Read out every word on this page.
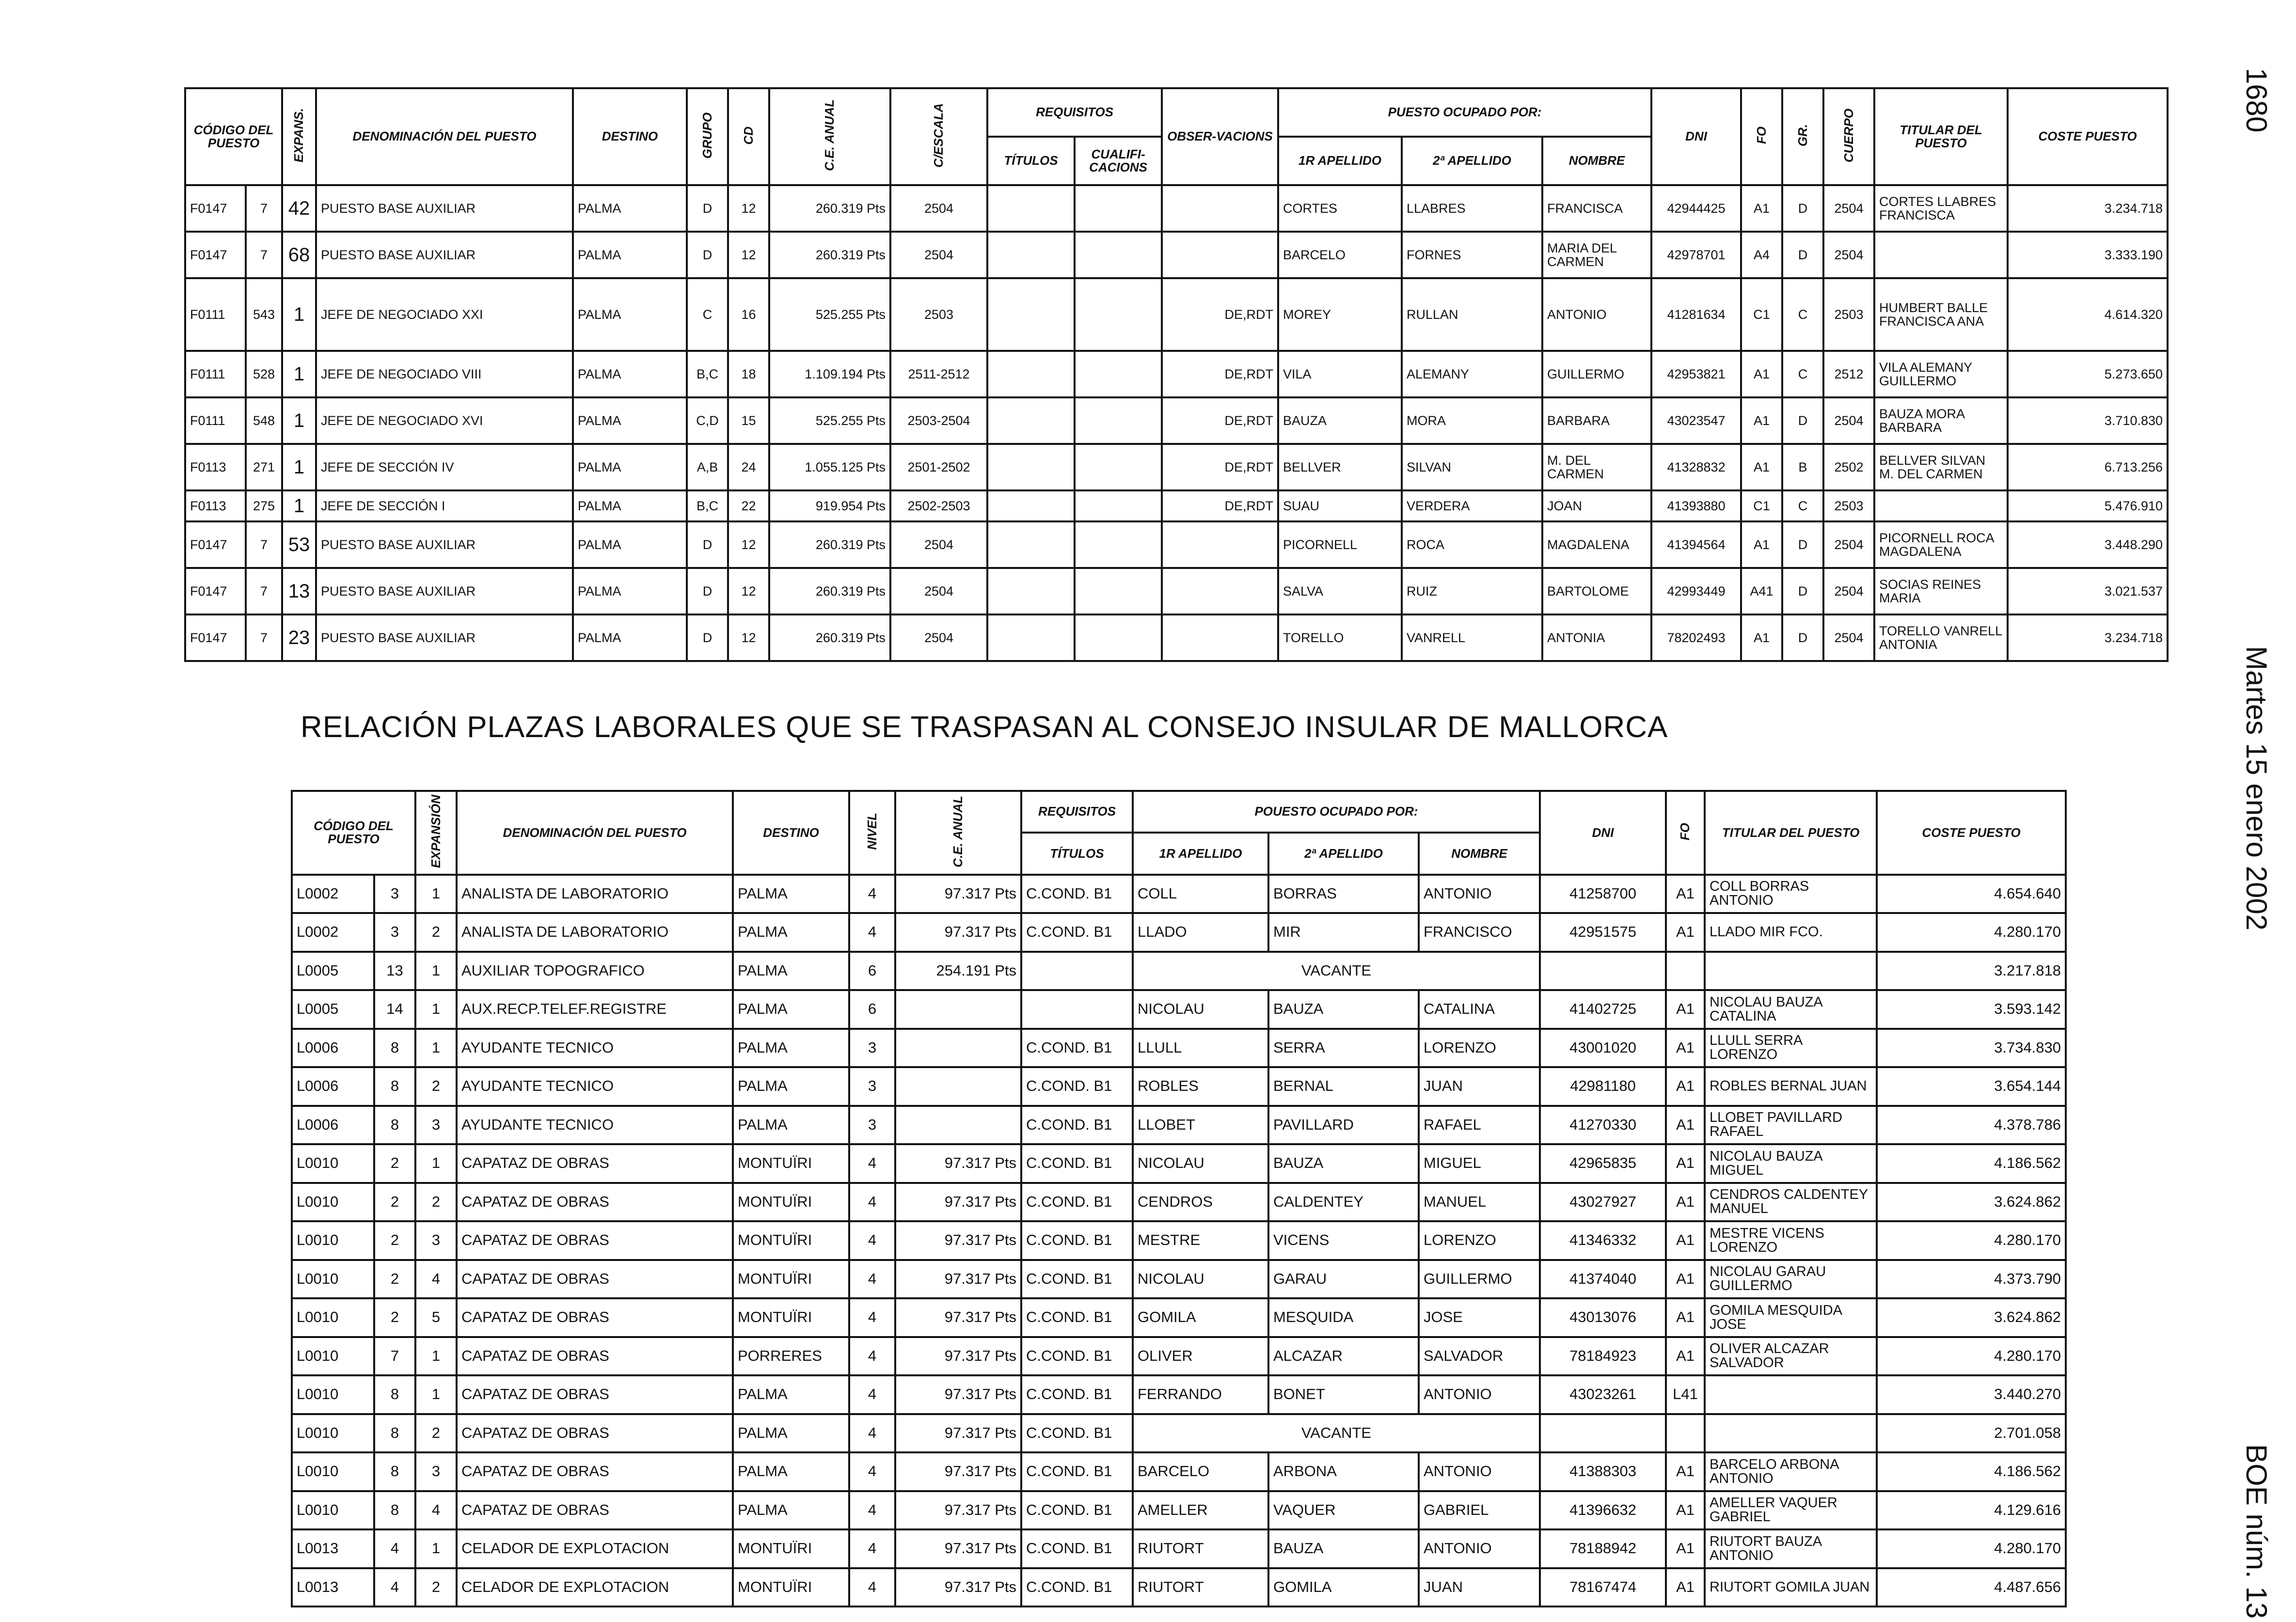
CÓDIGO DEL PUESTO		EXPANS.	DENOMINACIÓN DEL PUESTO	DESTINO	GRUPO	CD	C.E. ANUAL	C/ESCALA	REQUISITOS		OBSER-VACIONS	PUESTO OCUPADO POR:			DNI	FO	GR.	CUERPO	TITULAR DEL PUESTO	COSTE PUESTO
									TÍTULOS	CUALIFI-CACIONS		1R APELLIDO	2ª APELLIDO	NOMBRE						
F0147	7	42	PUESTO BASE AUXILIAR	PALMA	D	12	260.319 Pts	2504				CORTES	LLABRES	FRANCISCA	42944425	A1	D	2504	CORTES LLABRES FRANCISCA	3.234.718
F0147	7	68	PUESTO BASE AUXILIAR	PALMA	D	12	260.319 Pts	2504				BARCELO	FORNES	MARIA DEL CARMEN	42978701	A4	D	2504		3.333.190
F0111	543	1	JEFE DE NEGOCIADO XXI	PALMA	C	16	525.255 Pts	2503			DE,RDT	MOREY	RULLAN	ANTONIO	41281634	C1	C	2503	HUMBERT BALLE FRANCISCA ANA	4.614.320
F0111	528	1	JEFE DE NEGOCIADO VIII	PALMA	B,C	18	1.109.194 Pts	2511-2512			DE,RDT	VILA	ALEMANY	GUILLERMO	42953821	A1	C	2512	VILA ALEMANY GUILLERMO	5.273.650
F0111	548	1	JEFE DE NEGOCIADO XVI	PALMA	C,D	15	525.255 Pts	2503-2504			DE,RDT	BAUZA	MORA	BARBARA	43023547	A1	D	2504	BAUZA MORA BARBARA	3.710.830
F0113	271	1	JEFE DE SECCIÓN IV	PALMA	A,B	24	1.055.125 Pts	2501-2502			DE,RDT	BELLVER	SILVAN	M. DEL CARMEN	41328832	A1	B	2502	BELLVER SILVAN M. DEL CARMEN	6.713.256
F0113	275	1	JEFE DE SECCIÓN I	PALMA	B,C	22	919.954 Pts	2502-2503			DE,RDT	SUAU	VERDERA	JOAN	41393880	C1	C	2503		5.476.910
F0147	7	53	PUESTO BASE AUXILIAR	PALMA	D	12	260.319 Pts	2504				PICORNELL	ROCA	MAGDALENA	41394564	A1	D	2504	PICORNELL ROCA MAGDALENA	3.448.290
F0147	7	13	PUESTO BASE AUXILIAR	PALMA	D	12	260.319 Pts	2504				SALVA	RUIZ	BARTOLOME	42993449	A41	D	2504	SOCIAS REINES MARIA	3.021.537
F0147	7	23	PUESTO BASE AUXILIAR	PALMA	D	12	260.319 Pts	2504				TORELLO	VANRELL	ANTONIA	78202493	A1	D	2504	TORELLO VANRELL ANTONIA	3.234.718
RELACIÓN PLAZAS LABORALES QUE SE TRASPASAN AL CONSEJO INSULAR DE MALLORCA
CÓDIGO DEL PUESTO		EXPANSIÓN	DENOMINACIÓN DEL PUESTO	DESTINO	NIVEL	C.E. ANUAL	REQUISITOS	POUESTO OCUPADO POR:			DNI	FO	TITULAR DEL PUESTO	COSTE PUESTO
							TÍTULOS	1R APELLIDO	2ª APELLIDO	NOMBRE				
L0002	3	1	ANALISTA DE LABORATORIO	PALMA	4	97.317 Pts	C.COND. B1	COLL	BORRAS	ANTONIO	41258700	A1	COLL BORRAS ANTONIO	4.654.640
L0002	3	2	ANALISTA DE LABORATORIO	PALMA	4	97.317 Pts	C.COND. B1	LLADO	MIR	FRANCISCO	42951575	A1	LLADO MIR FCO.	4.280.170
L0005	13	1	AUXILIAR TOPOGRAFICO	PALMA	6	254.191 Pts		VACANTE						3.217.818
L0005	14	1	AUX.RECP.TELEF.REGISTRE	PALMA	6			NICOLAU	BAUZA	CATALINA	41402725	A1	NICOLAU BAUZA CATALINA	3.593.142
L0006	8	1	AYUDANTE TECNICO	PALMA	3		C.COND. B1	LLULL	SERRA	LORENZO	43001020	A1	LLULL SERRA LORENZO	3.734.830
L0006	8	2	AYUDANTE TECNICO	PALMA	3		C.COND. B1	ROBLES	BERNAL	JUAN	42981180	A1	ROBLES BERNAL JUAN	3.654.144
L0006	8	3	AYUDANTE TECNICO	PALMA	3		C.COND. B1	LLOBET	PAVILLARD	RAFAEL	41270330	A1	LLOBET PAVILLARD RAFAEL	4.378.786
L0010	2	1	CAPATAZ DE OBRAS	MONTUÏRI	4	97.317 Pts	C.COND. B1	NICOLAU	BAUZA	MIGUEL	42965835	A1	NICOLAU BAUZA MIGUEL	4.186.562
L0010	2	2	CAPATAZ DE OBRAS	MONTUÏRI	4	97.317 Pts	C.COND. B1	CENDROS	CALDENTEY	MANUEL	43027927	A1	CENDROS CALDENTEY MANUEL	3.624.862
L0010	2	3	CAPATAZ DE OBRAS	MONTUÏRI	4	97.317 Pts	C.COND. B1	MESTRE	VICENS	LORENZO	41346332	A1	MESTRE VICENS LORENZO	4.280.170
L0010	2	4	CAPATAZ DE OBRAS	MONTUÏRI	4	97.317 Pts	C.COND. B1	NICOLAU	GARAU	GUILLERMO	41374040	A1	NICOLAU GARAU GUILLERMO	4.373.790
L0010	2	5	CAPATAZ DE OBRAS	MONTUÏRI	4	97.317 Pts	C.COND. B1	GOMILA	MESQUIDA	JOSE	43013076	A1	GOMILA MESQUIDA JOSE	3.624.862
L0010	7	1	CAPATAZ DE OBRAS	PORRERES	4	97.317 Pts	C.COND. B1	OLIVER	ALCAZAR	SALVADOR	78184923	A1	OLIVER ALCAZAR SALVADOR	4.280.170
L0010	8	1	CAPATAZ DE OBRAS	PALMA	4	97.317 Pts	C.COND. B1	FERRANDO	BONET	ANTONIO	43023261	L41		3.440.270
L0010	8	2	CAPATAZ DE OBRAS	PALMA	4	97.317 Pts	C.COND. B1	VACANTE						2.701.058
L0010	8	3	CAPATAZ DE OBRAS	PALMA	4	97.317 Pts	C.COND. B1	BARCELO	ARBONA	ANTONIO	41388303	A1	BARCELO ARBONA ANTONIO	4.186.562
L0010	8	4	CAPATAZ DE OBRAS	PALMA	4	97.317 Pts	C.COND. B1	AMELLER	VAQUER	GABRIEL	41396632	A1	AMELLER VAQUER GABRIEL	4.129.616
L0013	4	1	CELADOR DE EXPLOTACION	MONTUÏRI	4	97.317 Pts	C.COND. B1	RIUTORT	BAUZA	ANTONIO	78188942	A1	RIUTORT BAUZA ANTONIO	4.280.170
L0013	4	2	CELADOR DE EXPLOTACION	MONTUÏRI	4	97.317 Pts	C.COND. B1	RIUTORT	GOMILA	JUAN	78167474	A1	RIUTORT GOMILA JUAN	4.487.656
1680
Martes 15 enero 2002
BOE núm. 13
